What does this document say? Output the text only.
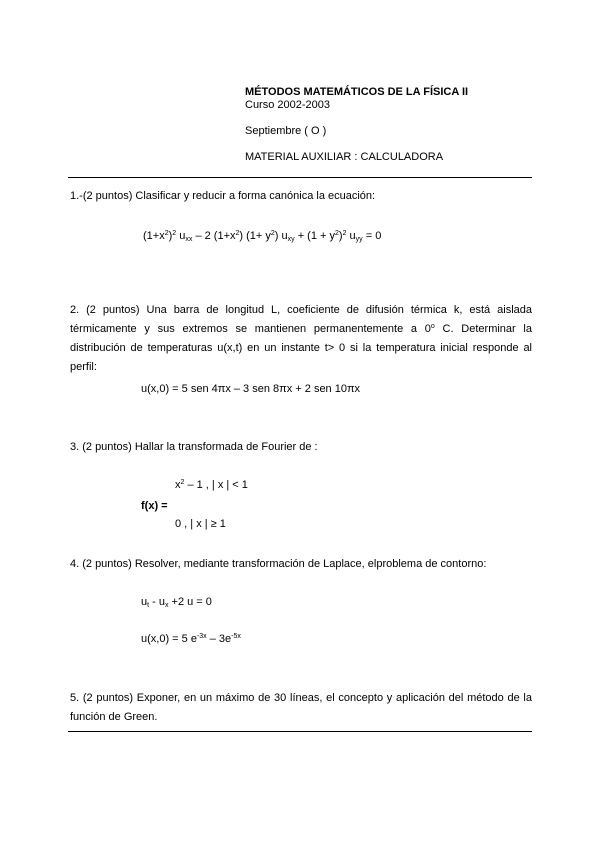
MÉTODOS MATEMÁTICOS DE LA FÍSICA II
Curso 2002-2003
Septiembre ( O )
MATERIAL AUXILIAR : CALCULADORA
1.-(2 puntos) Clasificar y reducir a forma canónica la ecuación:
$(1+x^2)^2$ $u_{xx} - 2$ $(1+x^2)$ $(1+ y^2)$ $u_{xy} + (1 + y^2)^2$ $u_{yy} = 0$
2. (2 puntos) Una barra de longitud L, coeficiente de difusión térmica k, está aislada térmicamente y sus extremos se mantienen permanentemente a 0$^o$ C. Determinar la distribución de temperaturas u(x,t) en un instante t> 0 si la temperatura inicial responde al perfil:
u(x,0) = 5 sen 4πx – 3 sen 8πx + 2 sen 10πx
3. (2 puntos) Hallar la transformada de Fourier de :
$x^2 - 1$ , | x | < 1
f(x) =
0 , | x | ≥ 1
4. (2 puntos) Resolver, mediante transformación de Laplace, elproblema de contorno:
$u_t - u_x +2$ u = 0
u(x,0) = 5 $e^{-3x} - 3e^{-5x}$
5. (2 puntos) Exponer, en un máximo de 30 líneas, el concepto y aplicación del método de la función de Green.
